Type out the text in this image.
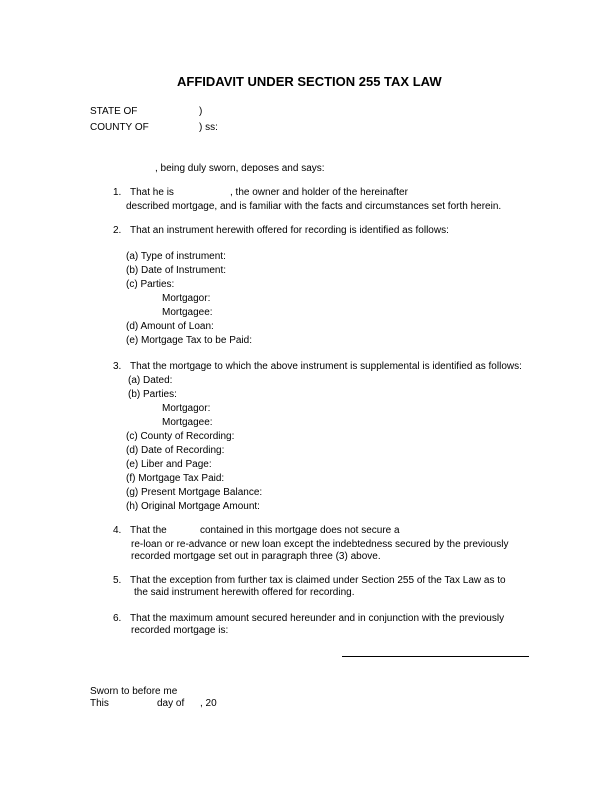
AFFIDAVIT UNDER SECTION 255 TAX LAW
STATE OF	)
COUNTY OF	) ss:
, being duly sworn, deposes and says:
1. That he is	, the owner and holder of the hereinafter
described mortgage, and is familiar with the facts and circumstances set forth herein.
2. That an instrument herewith offered for recording is identified as follows:
(a) Type of instrument:
(b) Date of Instrument:
(c) Parties:
Mortgagor:
Mortgagee:
(d) Amount of Loan:
(e) Mortgage Tax to be Paid:
3. That the mortgage to which the above instrument is supplemental is identified as follows:
(a) Dated:
(b) Parties:
Mortgagor:
Mortgagee:
(c) County of Recording:
(d) Date of Recording:
(e) Liber and Page:
(f) Mortgage Tax Paid:
(g) Present Mortgage Balance:
(h) Original Mortgage Amount:
4. That the	contained in this mortgage does not secure a
re-loan or re-advance or new loan except the indebtedness secured by the previously
recorded mortgage set out in paragraph three (3) above.
5. That the exception from further tax is claimed under Section 255 of the Tax Law as to
the said instrument herewith offered for recording.
6. That the maximum amount secured hereunder and in conjunction with the previously
recorded mortgage is:
Sworn to before me
This	day of , 20
